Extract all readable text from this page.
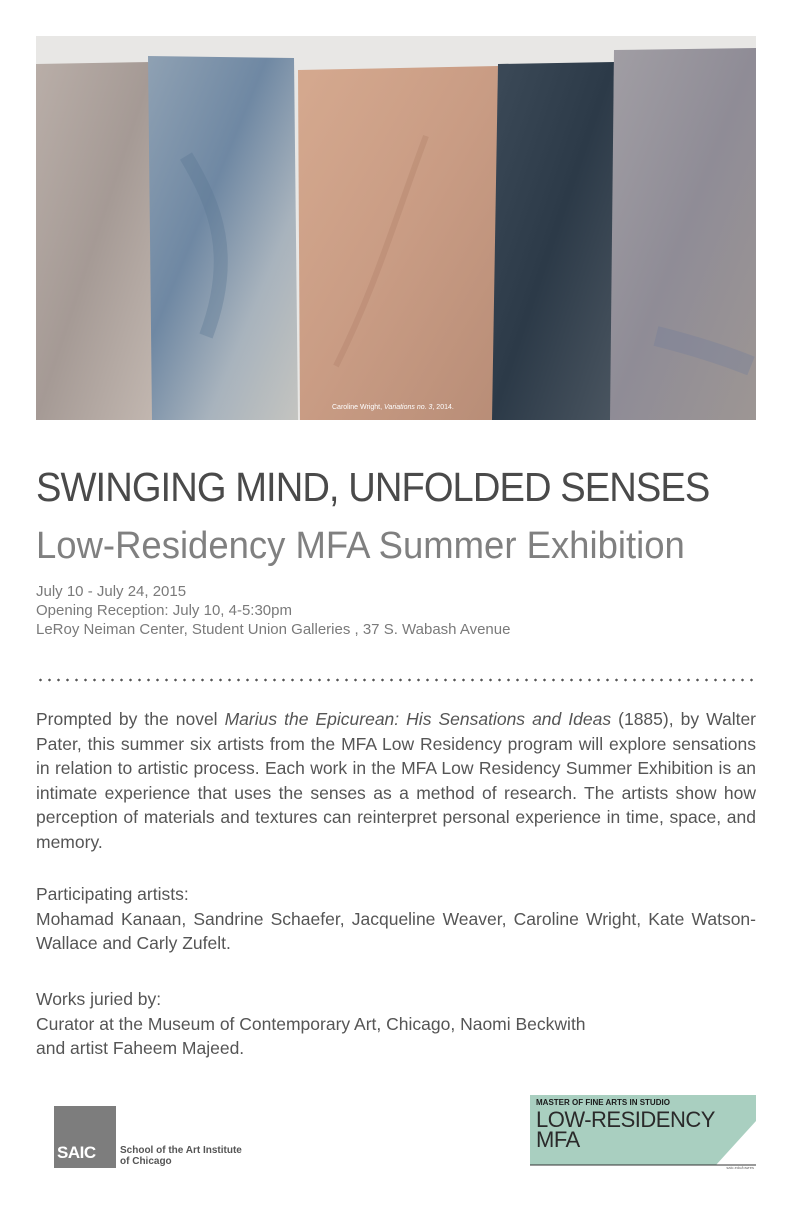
Caroline Wright, Variations no. 3, 2014.
SWINGING MIND, UNFOLDED SENSES
Low-Residency MFA Summer Exhibition
July 10 - July 24, 2015
Opening Reception: July 10, 4-5:30pm
LeRoy Neiman Center, Student Union Galleries , 37 S. Wabash Avenue
Prompted by the novel Marius the Epicurean: His Sensations and Ideas (1885), by Walter Pater, this summer six artists from the MFA Low Residency program will explore sensations in relation to artistic process. Each work in the MFA Low Residency Summer Exhibition is an intimate experience that uses the senses as a method of research. The artists show how perception of materials and textures can reinterpret personal experience in time, space, and memory.
Participating artists:
Mohamad Kanaan, Sandrine Schaefer, Jacqueline Weaver, Caroline Wright, Kate Watson-Wallace and Carly Zufelt.
Works juried by:
Curator at the Museum of Contemporary Art, Chicago, Naomi Beckwith
and artist Faheem Majeed.
SAIC School of the Art Institute
of Chicago
MASTER OF FINE ARTS IN STUDIO
LOW-RESIDENCY
MFA
saic.edu/lowres
